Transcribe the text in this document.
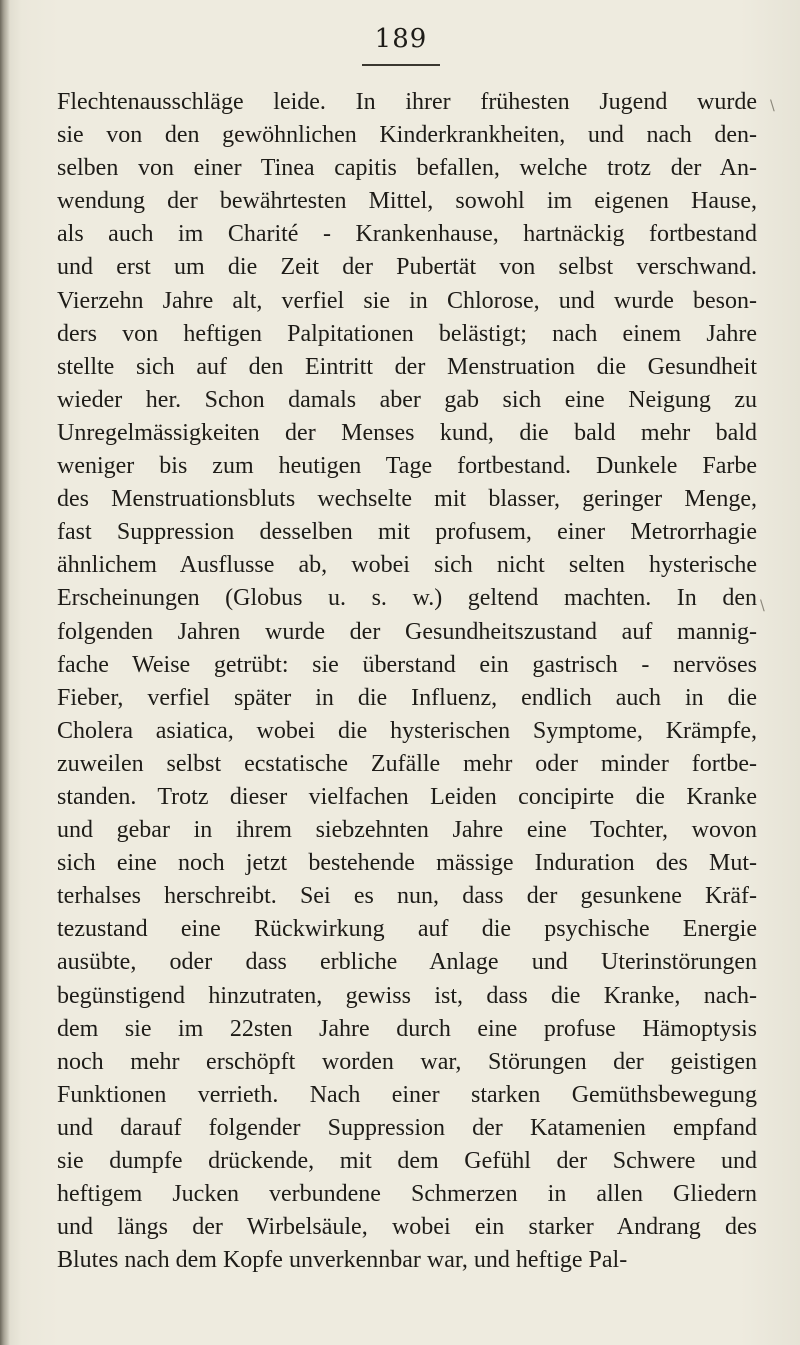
189
Flechtenausschläge leide. In ihrer frühesten Jugend wurde
sie von den gewöhnlichen Kinderkrankheiten, und nach den-
selben von einer Tinea capitis befallen, welche trotz der An-
wendung der bewährtesten Mittel, sowohl im eigenen Hause,
als auch im Charité - Krankenhause, hartnäckig fortbestand
und erst um die Zeit der Pubertät von selbst verschwand.
Vierzehn Jahre alt, verfiel sie in Chlorose, und wurde beson-
ders von heftigen Palpitationen belästigt; nach einem Jahre
stellte sich auf den Eintritt der Menstruation die Gesundheit
wieder her. Schon damals aber gab sich eine Neigung zu
Unregelmässigkeiten der Menses kund, die bald mehr bald
weniger bis zum heutigen Tage fortbestand. Dunkele Farbe
des Menstruationsbluts wechselte mit blasser, geringer Menge,
fast Suppression desselben mit profusem, einer Metrorrhagie
ähnlichem Ausflusse ab, wobei sich nicht selten hysterische
Erscheinungen (Globus u. s. w.) geltend machten. In den
folgenden Jahren wurde der Gesundheitszustand auf mannig-
fache Weise getrübt: sie überstand ein gastrisch - nervöses
Fieber, verfiel später in die Influenz, endlich auch in die
Cholera asiatica, wobei die hysterischen Symptome, Krämpfe,
zuweilen selbst ecstatische Zufälle mehr oder minder fortbe-
standen. Trotz dieser vielfachen Leiden concipirte die Kranke
und gebar in ihrem siebzehnten Jahre eine Tochter, wovon
sich eine noch jetzt bestehende mässige Induration des Mut-
terhalses herschreibt. Sei es nun, dass der gesunkene Kräf-
tezustand eine Rückwirkung auf die psychische Energie
ausübte, oder dass erbliche Anlage und Uterinstörungen
begünstigend hinzutraten, gewiss ist, dass die Kranke, nach-
dem sie im 22sten Jahre durch eine profuse Hämoptysis
noch mehr erschöpft worden war, Störungen der geistigen
Funktionen verrieth. Nach einer starken Gemüthsbewegung
und darauf folgender Suppression der Katamenien empfand
sie dumpfe drückende, mit dem Gefühl der Schwere und
heftigem Jucken verbundene Schmerzen in allen Gliedern
und längs der Wirbelsäule, wobei ein starker Andrang des
Blutes nach dem Kopfe unverkennbar war, und heftige Pal-
\
\
